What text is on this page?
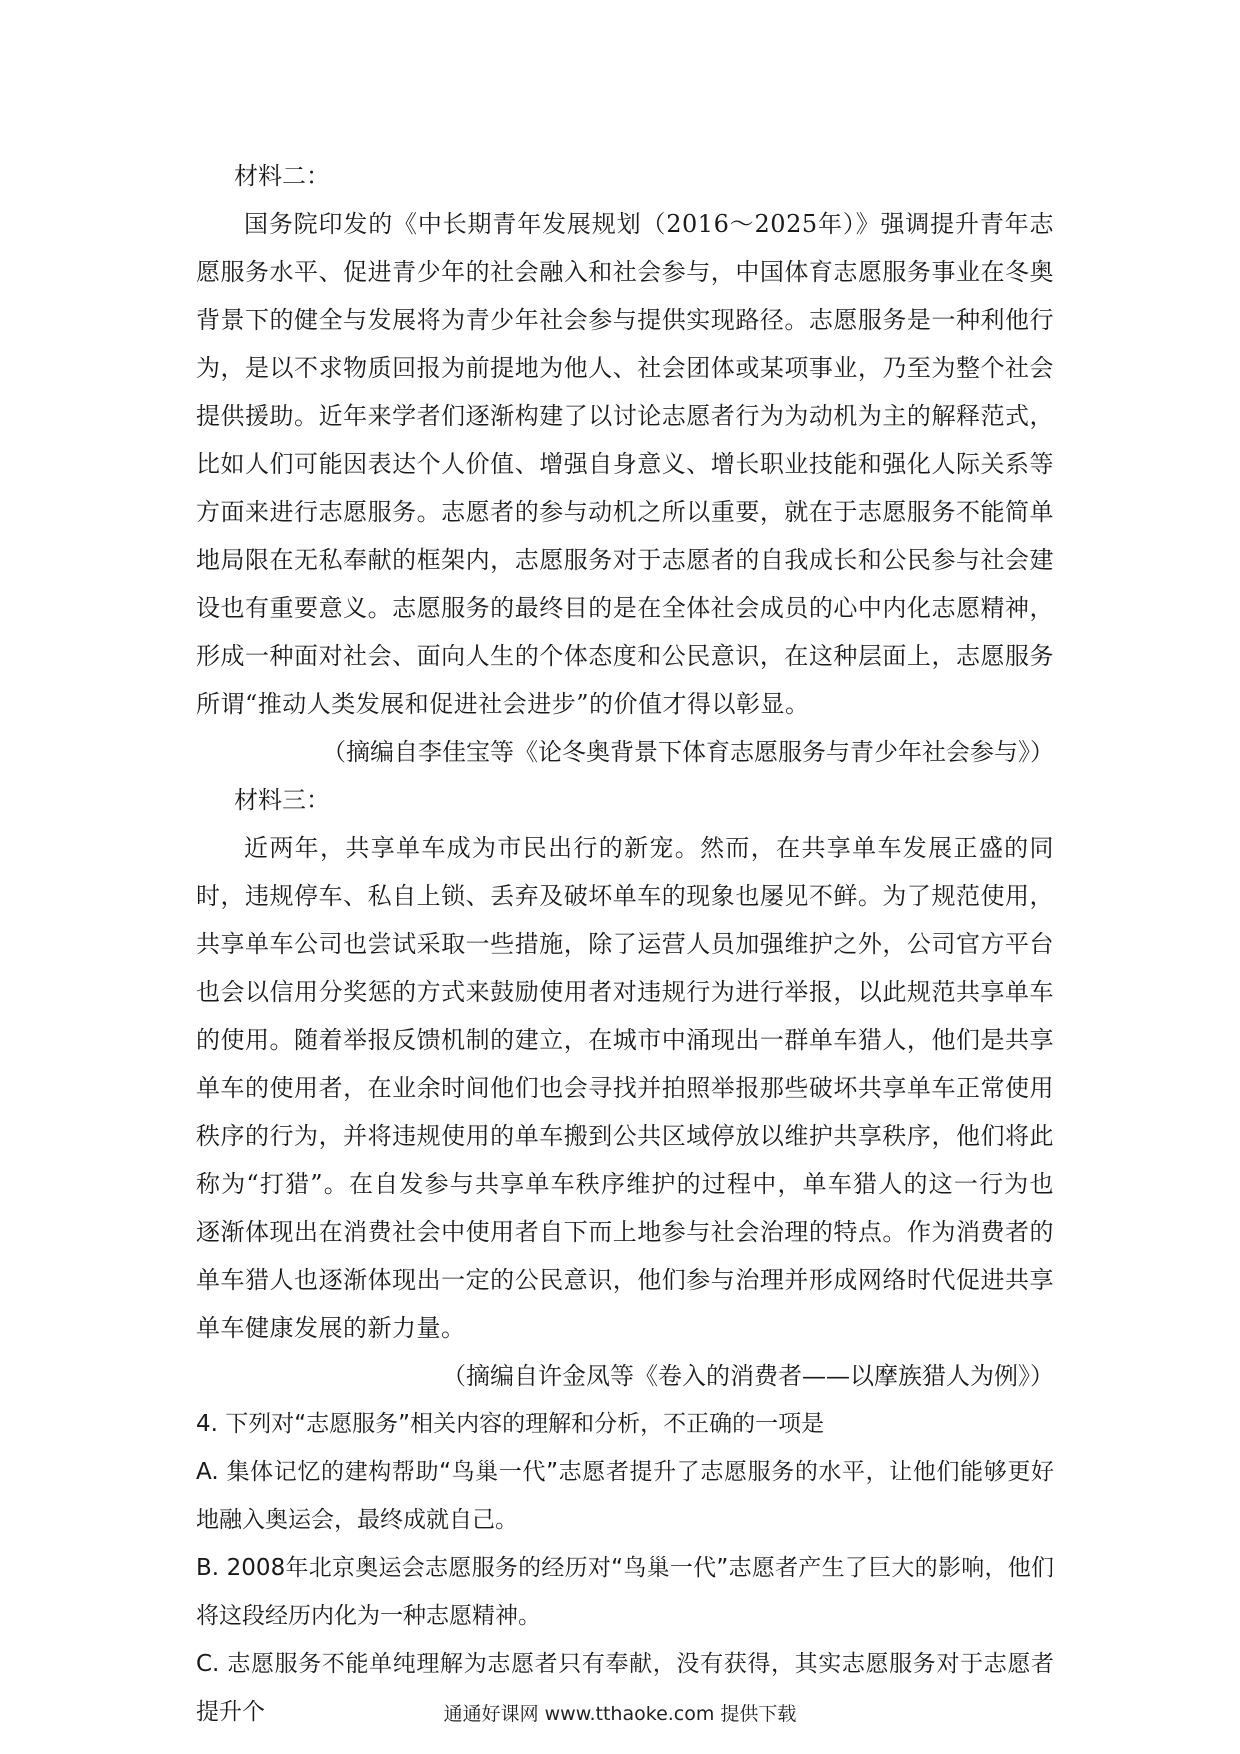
材料二：

国务院印发的《中长期青年发展规划（2016～2025年）》强调提升青年志愿服务水平、促进青少年的社会融入和社会参与，中国体育志愿服务事业在冬奥背景下的健全与发展将为青少年社会参与提供实现路径。志愿服务是一种利他行为，是以不求物质回报为前提地为他人、社会团体或某项事业，乃至为整个社会提供援助。近年来学者们逐渐构建了以讨论志愿者行为为动机为主的解释范式，比如人们可能因表达个人价值、增强自身意义、增长职业技能和强化人际关系等方面来进行志愿服务。志愿者的参与动机之所以重要，就在于志愿服务不能简单地局限在无私奉献的框架内，志愿服务对于志愿者的自我成长和公民参与社会建设也有重要意义。志愿服务的最终目的是在全体社会成员的心中内化志愿精神，形成一种面对社会、面向人生的个体态度和公民意识，在这种层面上，志愿服务所谓“推动人类发展和促进社会进步”的价值才得以彰显。

（摘编自李佳宝等《论冬奥背景下体育志愿服务与青少年社会参与》）

材料三：

近两年，共享单车成为市民出行的新宠。然而，在共享单车发展正盛的同时，违规停车、私自上锁、丢弃及破坏单车的现象也屡见不鲜。为了规范使用，共享单车公司也尝试采取一些措施，除了运营人员加强维护之外，公司官方平台也会以信用分奖惩的方式来鼓励使用者对违规行为进行举报，以此规范共享单车的使用。随着举报反馈机制的建立，在城市中涌现出一群单车猎人，他们是共享单车的使用者，在业余时间他们也会寻找并拍照举报那些破坏共享单车正常使用秩序的行为，并将违规使用的单车搬到公共区域停放以维护共享秩序，他们将此称为“打猎”。在自发参与共享单车秩序维护的过程中，单车猎人的这一行为也逐渐体现出在消费社会中使用者自下而上地参与社会治理的特点。作为消费者的单车猎人也逐渐体现出一定的公民意识，他们参与治理并形成网络时代促进共享单车健康发展的新力量。

（摘编自许金凤等《卷入的消费者——以摩族猎人为例》）

4. 下列对“志愿服务”相关内容的理解和分析，不正确的一项是

A. 集体记忆的建构帮助“鸟巢一代”志愿者提升了志愿服务的水平，让他们能够更好地融入奥运会，最终成就自己。

B. 2008年北京奥运会志愿服务的经历对“鸟巢一代”志愿者产生了巨大的影响，他们将这段经历内化为一种志愿精神。

C. 志愿服务不能单纯理解为志愿者只有奉献，没有获得，其实志愿服务对于志愿者提升个	通通好课网 www.tthaoke.com 提供下载
